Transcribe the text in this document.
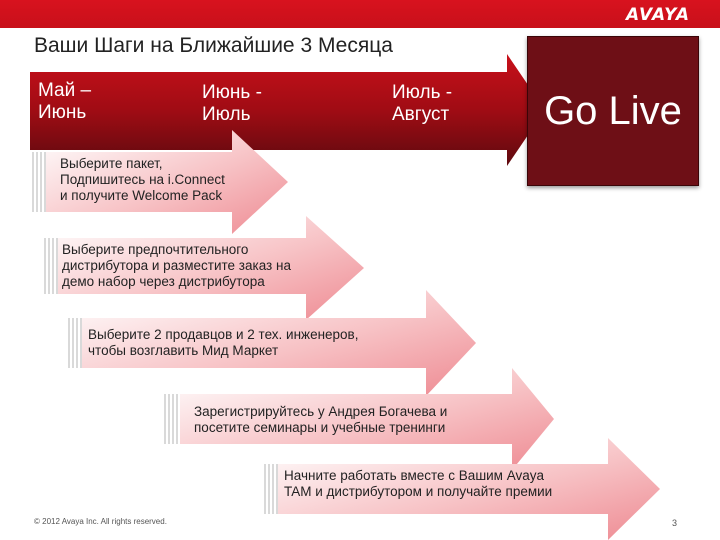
AVAYA
Ваши Шаги на Ближайшие 3 Месяца
Май –
Июнь
Июнь -
Июль
Июль -
Август Go Live
Выберите пакет,
Подпишитесь на i.Connect
и получите Welcome Pack
Выберите предпочтительного
дистрибутора и разместите заказ на
демо набор через дистрибутора
Выберите 2 продавцов и 2 тех. инженеров,
чтобы возглавить Мид Маркет
Зарегистрируйтесь у Андрея Богачева и
посетите семинары и учебные тренинги
Начните работать вместе с Вашим Avaya
TAM и дистрибутором и получайте премии
© 2012 Avaya Inc. All rights reserved.	3
